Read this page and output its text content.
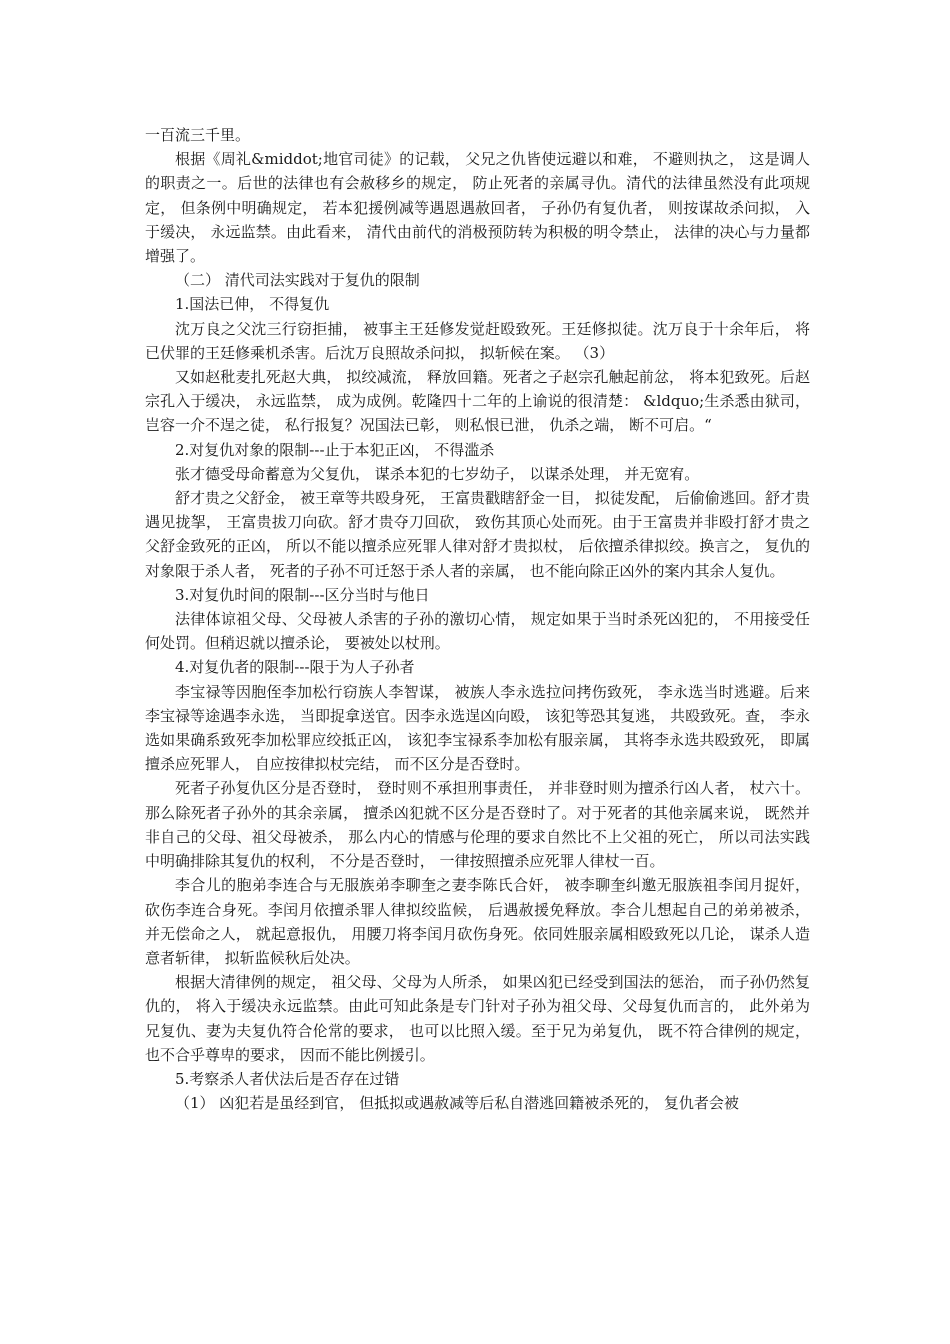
一百流三千里。

根据《周礼&middot;地官司徒》的记载， 父兄之仇皆使远避以和难， 不避则执之， 这是调人的职责之一。后世的法律也有会赦移乡的规定， 防止死者的亲属寻仇。清代的法律虽然没有此项规定， 但条例中明确规定， 若本犯援例减等遇恩遇赦回者， 子孙仍有复仇者， 则按谋故杀问拟， 入于缓决， 永远监禁。由此看来， 清代由前代的消极预防转为积极的明令禁止， 法律的决心与力量都增强了。

（二） 清代司法实践对于复仇的限制

1.国法已伸， 不得复仇

沈万良之父沈三行窃拒捕， 被事主王廷修发觉赶殴致死。王廷修拟徒。沈万良于十余年后， 将已伏罪的王廷修乘机杀害。后沈万良照故杀问拟， 拟斩候在案。 （3）

又如赵秕麦扎死赵大典， 拟绞减流， 释放回籍。死者之子赵宗孔触起前忿， 将本犯致死。后赵宗孔入于缓决， 永远监禁， 成为成例。乾隆四十二年的上谕说的很清楚： &ldquo;生杀悉由狱司， 岂容一介不逞之徒， 私行报复？况国法已彰， 则私恨已泄， 仇杀之端， 断不可启。“

2.对复仇对象的限制---止于本犯正凶， 不得滥杀

张才德受母命蓄意为父复仇， 谋杀本犯的七岁幼子， 以谋杀处理， 并无宽宥。

舒才贵之父舒金， 被王章等共殴身死， 王富贵戳瞎舒金一目， 拟徒发配， 后偷偷逃回。舒才贵遇见拢挐， 王富贵拔刀向砍。舒才贵夺刀回砍， 致伤其顶心处而死。由于王富贵并非殴打舒才贵之父舒金致死的正凶， 所以不能以擅杀应死罪人律对舒才贵拟杖， 后依擅杀律拟绞。换言之， 复仇的对象限于杀人者， 死者的子孙不可迁怒于杀人者的亲属， 也不能向除正凶外的案内其余人复仇。

3.对复仇时间的限制---区分当时与他日

法律体谅祖父母、父母被人杀害的子孙的激切心情， 规定如果于当时杀死凶犯的， 不用接受任何处罚。但稍迟就以擅杀论， 要被处以杖刑。

4.对复仇者的限制---限于为人子孙者

李宝禄等因胞侄李加松行窃族人李智谋， 被族人李永选拉问拷伤致死， 李永选当时逃避。后来李宝禄等途遇李永选， 当即捉拿送官。因李永选逞凶向殴， 该犯等恐其复逃， 共殴致死。查， 李永选如果确系致死李加松罪应绞抵正凶， 该犯李宝禄系李加松有服亲属， 其将李永选共殴致死， 即属擅杀应死罪人， 自应按律拟杖完结， 而不区分是否登时。

死者子孙复仇区分是否登时， 登时则不承担刑事责任， 并非登时则为擅杀行凶人者， 杖六十。那么除死者子孙外的其余亲属， 擅杀凶犯就不区分是否登时了。对于死者的其他亲属来说， 既然并非自己的父母、祖父母被杀， 那么内心的情感与伦理的要求自然比不上父祖的死亡， 所以司法实践中明确排除其复仇的权利， 不分是否登时， 一律按照擅杀应死罪人律杖一百。

李合儿的胞弟李连合与无服族弟李聊奎之妻李陈氏合奸， 被李聊奎纠邀无服族祖李闰月捉奸， 砍伤李连合身死。李闰月依擅杀罪人律拟绞监候， 后遇赦援免释放。李合儿想起自己的弟弟被杀， 并无偿命之人， 就起意报仇， 用腰刀将李闰月砍伤身死。依同姓服亲属相殴致死以几论， 谋杀人造意者斩律， 拟斩监候秋后处决。

根据大清律例的规定， 祖父母、父母为人所杀， 如果凶犯已经受到国法的惩治， 而子孙仍然复仇的， 将入于缓决永远监禁。由此可知此条是专门针对子孙为祖父母、父母复仇而言的， 此外弟为兄复仇、妻为夫复仇符合伦常的要求， 也可以比照入缓。至于兄为弟复仇， 既不符合律例的规定， 也不合乎尊卑的要求， 因而不能比例援引。

5.考察杀人者伏法后是否存在过错

（1） 凶犯若是虽经到官， 但抵拟或遇赦减等后私自潜逃回籍被杀死的， 复仇者会被
